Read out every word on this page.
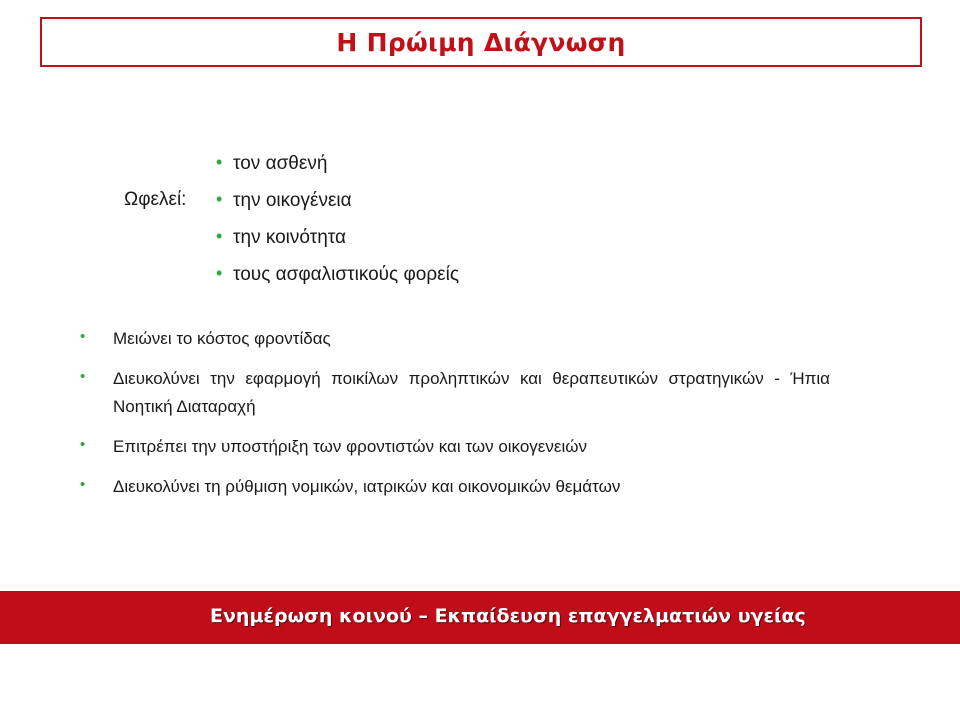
Η Πρώιμη Διάγνωση
Ωφελεί:
• τον ασθενή
• την οικογένεια
• την κοινότητα
• τους ασφαλιστικούς φορείς
•	Μειώνει το κόστος φροντίδας
•	Διευκολύνει την εφαρμογή ποικίλων προληπτικών και θεραπευτικών στρατηγικών - Ήπια Νοητική Διαταραχή
•	Επιτρέπει την υποστήριξη των φροντιστών και των οικογενειών
•	Διευκολύνει τη ρύθμιση νομικών, ιατρικών και οικονομικών θεμάτων
Ενημέρωση κοινού – Εκπαίδευση επαγγελματιών υγείας
